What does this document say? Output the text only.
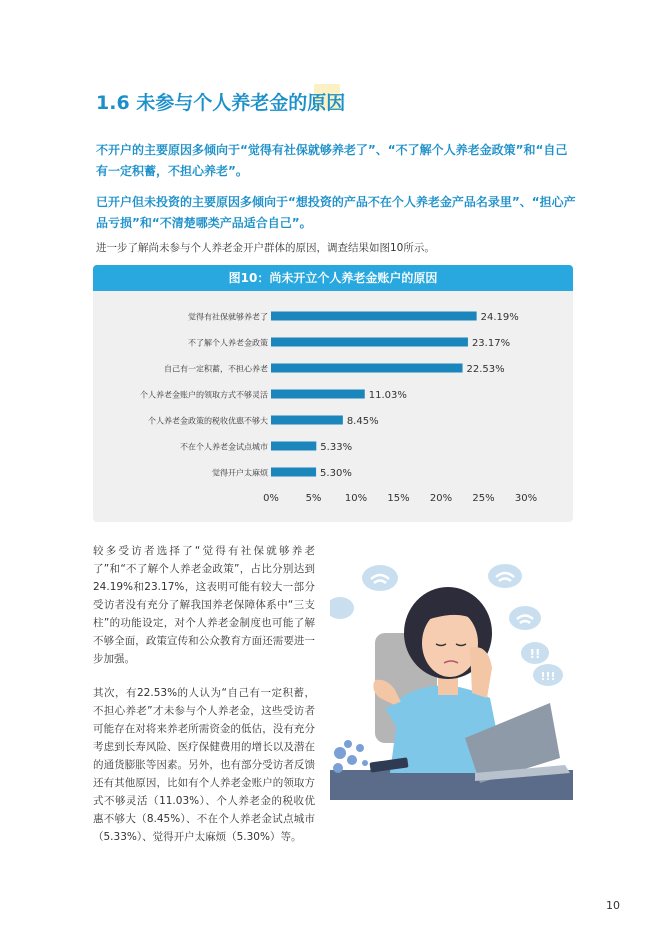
1.6 未参与个人养老金的原因

不开户的主要原因多倾向于“觉得有社保就够养老了”、“不了解个人养老金政策”和“自己有一定积蓄，不担心养老”。

已开户但未投资的主要原因多倾向于“想投资的产品不在个人养老金产品名录里”、“担心产品亏损”和“不清楚哪类产品适合自己”。

进一步了解尚未参与个人养老金开户群体的原因，调查结果如图10所示。
图10：尚未开立个人养老金账户的原因
觉得有社保就够养老了	24.19%
不了解个人养老金政策	23.17%
自己有一定积蓄，不担心养老	22.53%
个人养老金账户的领取方式不够灵活	11.03%
个人养老金政策的税收优惠不够大	8.45%
不在个人养老金试点城市	5.33%
觉得开户太麻烦	5.30%
0%	5% 10% 15% 20% 25% 30%

较多受访者选择了“觉得有社保就够养老了”和“不了解个人养老金政策”，占比分别达到24.19%和23.17%，这表明可能有较大一部分受访者没有充分了解我国养老保障体系中“三支柱”的功能设定，对个人养老金制度也可能了解不够全面，政策宣传和公众教育方面还需要进一步加强。

其次，有22.53%的人认为“自己有一定积蓄，不担心养老”才未参与个人养老金，这些受访者可能存在对将来养老所需资金的低估，没有充分考虑到长寿风险、医疗保健费用的增长以及潜在的通货膨胀等因素。另外，也有部分受访者反馈还有其他原因，比如有个人养老金账户的领取方式不够灵活（11.03%）、个人养老金的税收优惠不够大（8.45%）、不在个人养老金试点城市（5.33%）、觉得开户太麻烦（5.30%）等。

!!
!!!
10
